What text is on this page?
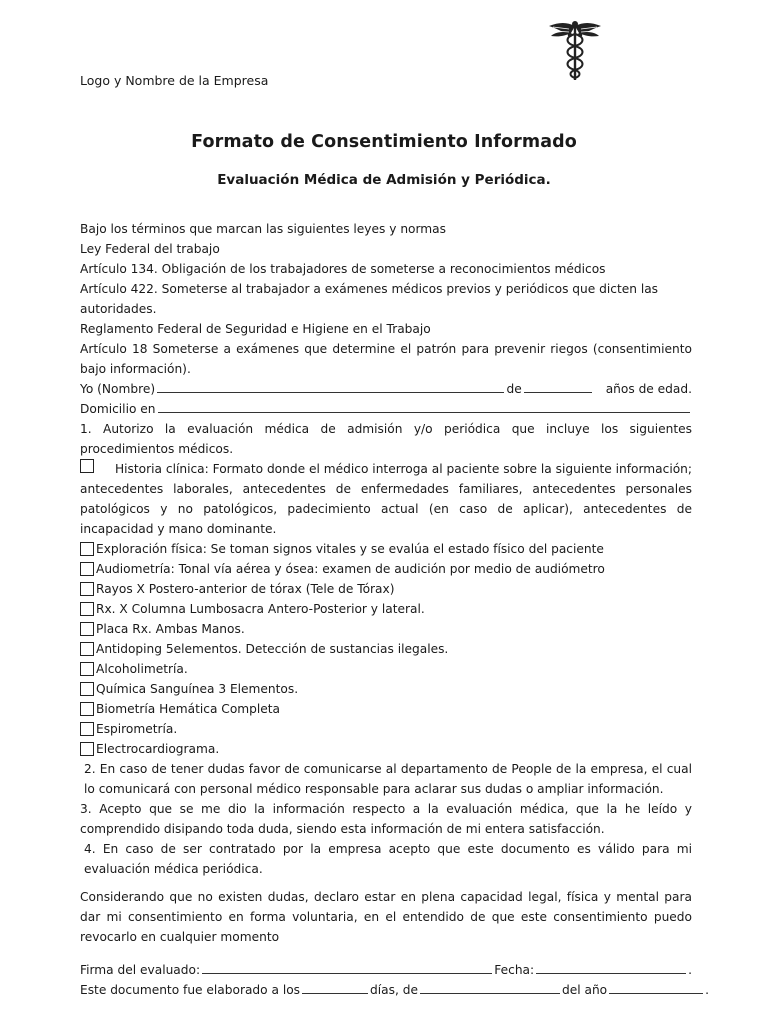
Logo y Nombre de la Empresa
Formato de Consentimiento Informado
Evaluación Médica de Admisión y Periódica.

Bajo los términos que marcan las siguientes leyes y normas

Ley Federal del trabajo

Artículo 134. Obligación de los trabajadores de someterse a reconocimientos médicos

Artículo 422. Someterse al trabajador a exámenes médicos previos y periódicos que dicten las autoridades.

Reglamento Federal de Seguridad e Higiene en el Trabajo

Artículo 18 Someterse a exámenes que determine el patrón para prevenir riegos (consentimiento bajo información).

Yo (Nombre)	de	años de edad.
Domicilio en

1. Autorizo la evaluación médica de admisión y/o periódica que incluye los siguientes procedimientos médicos.

Historia clínica: Formato donde el médico interroga al paciente sobre la siguiente información; antecedentes laborales, antecedentes de enfermedades familiares, antecedentes personales patológicos y no patológicos, padecimiento actual (en caso de aplicar), antecedentes de incapacidad y mano dominante.

Exploración física: Se toman signos vitales y se evalúa el estado físico del paciente
Audiometría: Tonal vía aérea y ósea: examen de audición por medio de audiómetro
Rayos X Postero-anterior de tórax (Tele de Tórax)
Rx. X Columna Lumbosacra Antero-Posterior y lateral.
Placa Rx. Ambas Manos.
Antidoping 5elementos. Detección de sustancias ilegales.
Alcoholimetría.
Química Sanguínea 3 Elementos.
Biometría Hemática Completa
Espirometría.
Electrocardiograma.

2. En caso de tener dudas favor de comunicarse al departamento de People de la empresa, el cual lo comunicará con personal médico responsable para aclarar sus dudas o ampliar información.

3. Acepto que se me dio la información respecto a la evaluación médica, que la he leído y comprendido disipando toda duda, siendo esta información de mi entera satisfacción.

4. En caso de ser contratado por la empresa acepto que este documento es válido para mi evaluación médica periódica.

Considerando que no existen dudas, declaro estar en plena capacidad legal, física y mental para dar mi consentimiento en forma voluntaria, en el entendido de que este consentimiento puedo revocarlo en cualquier momento

Firma del evaluado:	Fecha:	.
Este documento fue elaborado a los	días, de	del año	.
